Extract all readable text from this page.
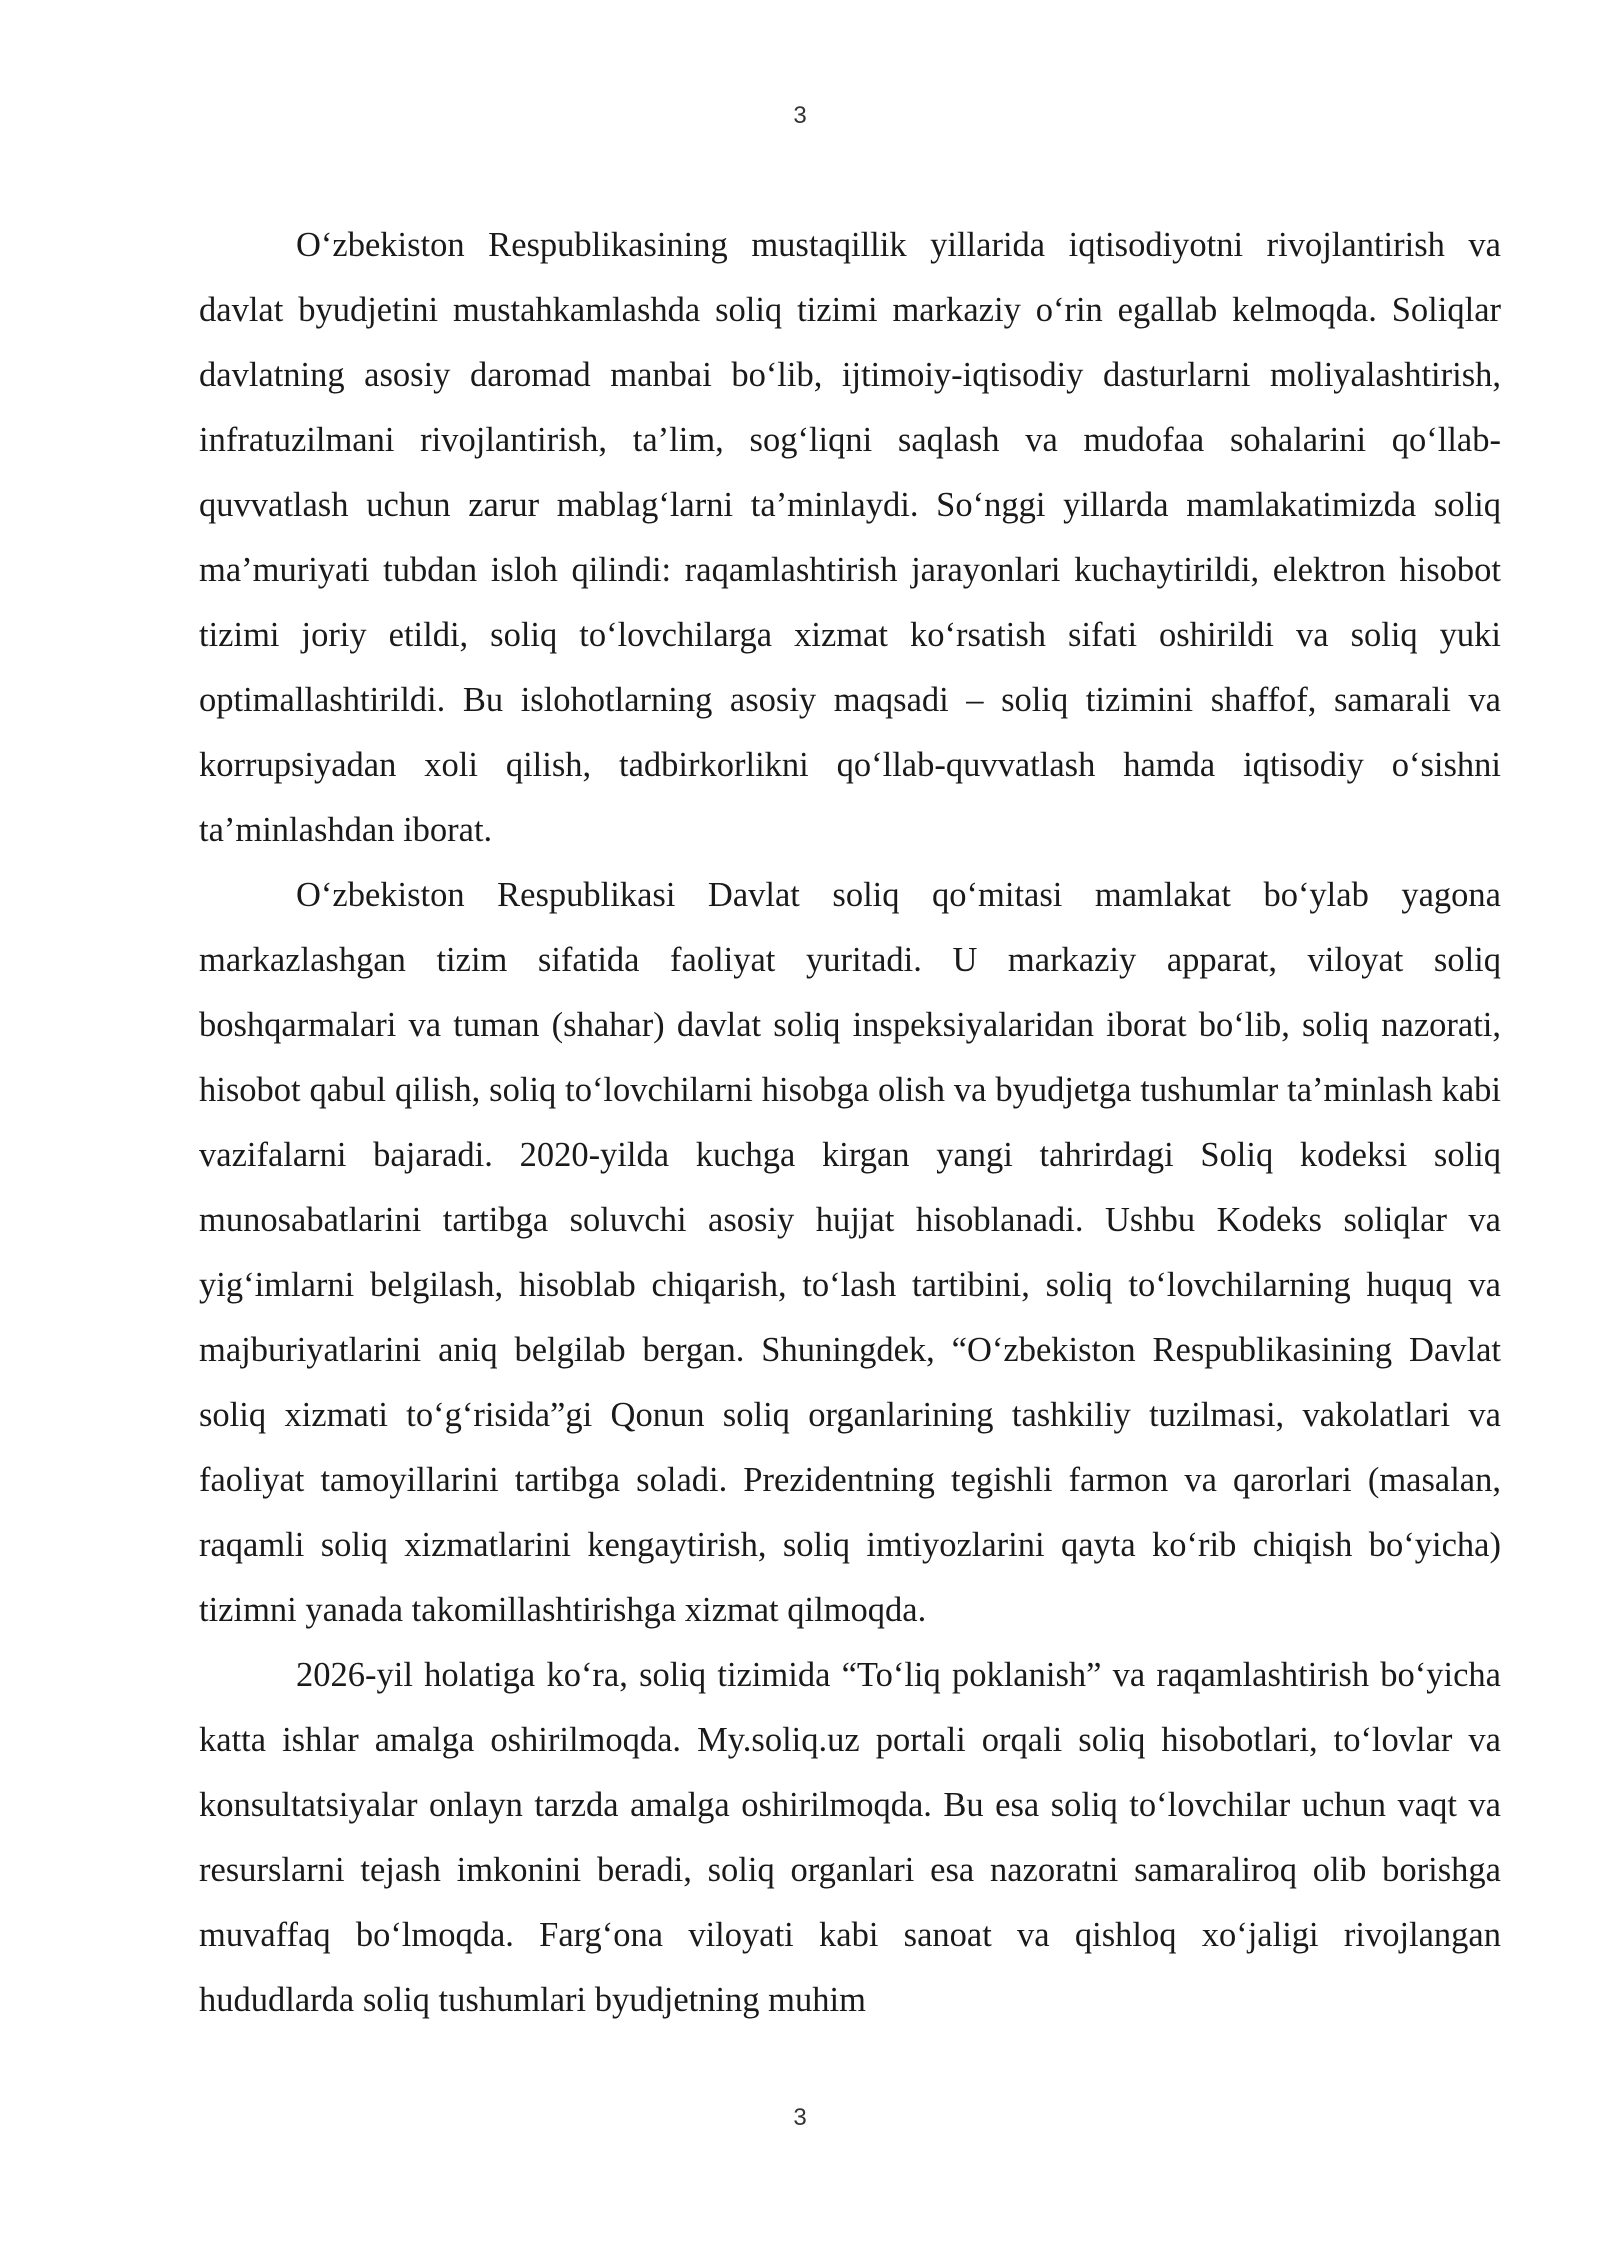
3

O‘zbekiston Respublikasining mustaqillik yillarida iqtisodiyotni rivojlantirish va davlat byudjetini mustahkamlashda soliq tizimi markaziy o‘rin egallab kelmoqda. Soliqlar davlatning asosiy daromad manbai bo‘lib, ijtimoiy-iqtisodiy dasturlarni moliyalashtirish, infratuzilmani rivojlantirish, ta’lim, sog‘liqni saqlash va mudofaa sohalarini qo‘llab-quvvatlash uchun zarur mablag‘larni ta’minlaydi. So‘nggi yillarda mamlakatimizda soliq ma’muriyati tubdan isloh qilindi: raqamlashtirish jarayonlari kuchaytirildi, elektron hisobot tizimi joriy etildi, soliq to‘lovchilarga xizmat ko‘rsatish sifati oshirildi va soliq yuki optimallashtirildi. Bu islohotlarning asosiy maqsadi – soliq tizimini shaffof, samarali va korrupsiyadan xoli qilish, tadbirkorlikni qo‘llab-quvvatlash hamda iqtisodiy o‘sishni ta’minlashdan iborat.

O‘zbekiston Respublikasi Davlat soliq qo‘mitasi mamlakat bo‘ylab yagona markazlashgan tizim sifatida faoliyat yuritadi. U markaziy apparat, viloyat soliq boshqarmalari va tuman (shahar) davlat soliq inspeksiyalaridan iborat bo‘lib, soliq nazorati, hisobot qabul qilish, soliq to‘lovchilarni hisobga olish va byudjetga tushumlar ta’minlash kabi vazifalarni bajaradi. 2020-yilda kuchga kirgan yangi tahrirdagi Soliq kodeksi soliq munosabatlarini tartibga soluvchi asosiy hujjat hisoblanadi. Ushbu Kodeks soliqlar va yig‘imlarni belgilash, hisoblab chiqarish, to‘lash tartibini, soliq to‘lovchilarning huquq va majburiyatlarini aniq belgilab bergan. Shuningdek, “O‘zbekiston Respublikasining Davlat soliq xizmati to‘g‘risida”gi Qonun soliq organlarining tashkiliy tuzilmasi, vakolatlari va faoliyat tamoyillarini tartibga soladi. Prezidentning tegishli farmon va qarorlari (masalan, raqamli soliq xizmatlarini kengaytirish, soliq imtiyozlarini qayta ko‘rib chiqish bo‘yicha) tizimni yanada takomillashtirishga xizmat qilmoqda.

2026-yil holatiga ko‘ra, soliq tizimida “To‘liq poklanish” va raqamlashtirish bo‘yicha katta ishlar amalga oshirilmoqda. My.soliq.uz portali orqali soliq hisobotlari, to‘lovlar va konsultatsiyalar onlayn tarzda amalga oshirilmoqda. Bu esa soliq to‘lovchilar uchun vaqt va resurslarni tejash imkonini beradi, soliq organlari esa nazoratni samaraliroq olib borishga muvaffaq bo‘lmoqda. Farg‘ona viloyati kabi sanoat va qishloq xo‘jaligi rivojlangan hududlarda soliq tushumlari byudjetning muhim

3
